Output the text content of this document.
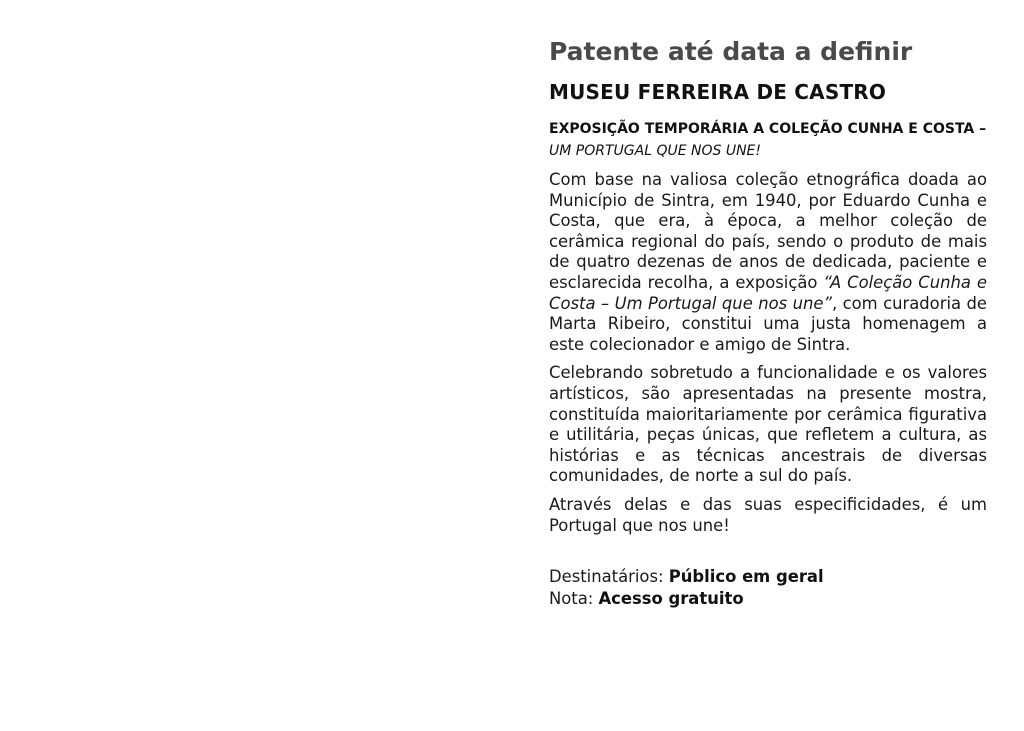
Patente até data a definir
MUSEU FERREIRA DE CASTRO

EXPOSIÇÃO TEMPORÁRIA A COLEÇÃO CUNHA E COSTA – UM PORTUGAL QUE NOS UNE!

Com base na valiosa coleção etnográfica doada ao Município de Sintra, em 1940, por Eduardo Cunha e Costa, que era, à época, a melhor coleção de cerâmica regional do país, sendo o produto de mais de quatro dezenas de anos de dedicada, paciente e esclarecida recolha, a exposição “A Coleção Cunha e Costa – Um Portugal que nos une”, com curadoria de Marta Ribeiro, constitui uma justa homenagem a este colecionador e amigo de Sintra.

Celebrando sobretudo a funcionalidade e os valores artísticos, são apresentadas na presente mostra, constituída maioritariamente por cerâmica figurativa e utilitária, peças únicas, que refletem a cultura, as histórias e as técnicas ancestrais de diversas comunidades, de norte a sul do país.

Através delas e das suas especificidades, é um Portugal que nos une!

Destinatários: Público em geral
Nota: Acesso gratuito
